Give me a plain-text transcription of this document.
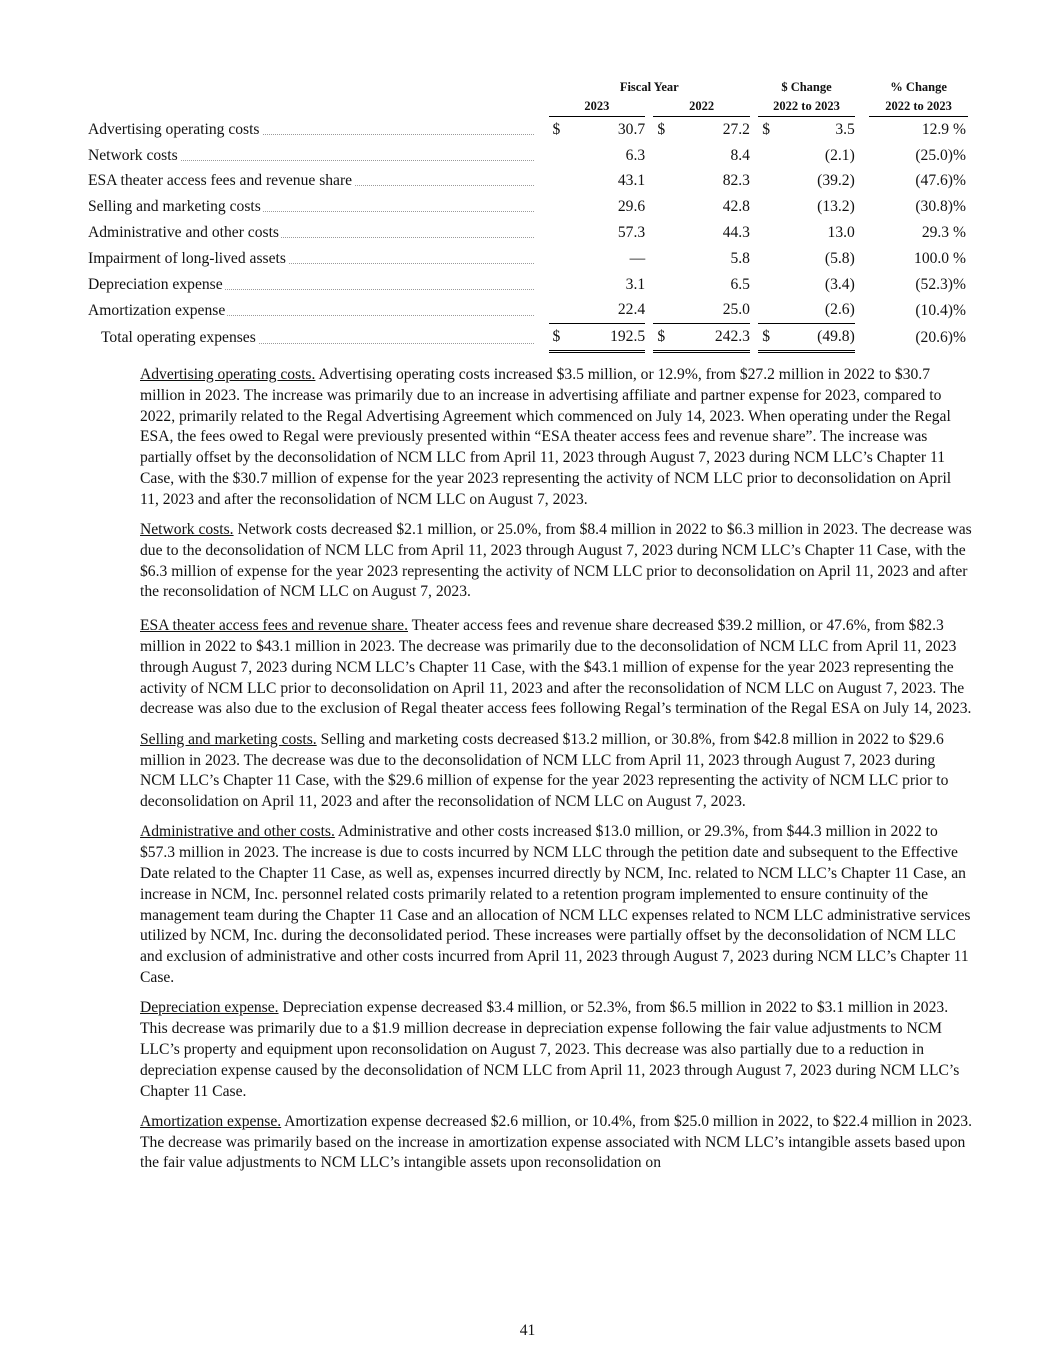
		Fiscal Year						$ Change			% Change
		2023			2022			2022 to 2023			2022 to 2023
Advertising operating costs		$	30.7		$	27.2		$	3.5		12.9 %
Network costs			6.3			8.4			(2.1)		(25.0)%
ESA theater access fees and revenue share			43.1			82.3			(39.2)		(47.6)%
Selling and marketing costs			29.6			42.8			(13.2)		(30.8)%
Administrative and other costs			57.3			44.3			13.0		29.3 %
Impairment of long-lived assets			—			5.8			(5.8)		100.0 %
Depreciation expense			3.1			6.5			(3.4)		(52.3)%
Amortization expense			22.4			25.0			(2.6)		(10.4)%
Total operating expenses		$	192.5		$	242.3		$	(49.8)		(20.6)%

Advertising operating costs. Advertising operating costs increased $3.5 million, or 12.9%, from $27.2 million in 2022 to $30.7 million in 2023. The increase was primarily due to an increase in advertising affiliate and partner expense for 2023, compared to 2022, primarily related to the Regal Advertising Agreement which commenced on July 14, 2023. When operating under the Regal ESA, the fees owed to Regal were previously presented within “ESA theater access fees and revenue share”. The increase was partially offset by the deconsolidation of NCM LLC from April 11, 2023 through August 7, 2023 during NCM LLC’s Chapter 11 Case, with the $30.7 million of expense for the year 2023 representing the activity of NCM LLC prior to deconsolidation on April 11, 2023 and after the reconsolidation of NCM LLC on August 7, 2023.

Network costs. Network costs decreased $2.1 million, or 25.0%, from $8.4 million in 2022 to $6.3 million in 2023. The decrease was due to the deconsolidation of NCM LLC from April 11, 2023 through August 7, 2023 during NCM LLC’s Chapter 11 Case, with the $6.3 million of expense for the year 2023 representing the activity of NCM LLC prior to deconsolidation on April 11, 2023 and after the reconsolidation of NCM LLC on August 7, 2023.

ESA theater access fees and revenue share. Theater access fees and revenue share decreased $39.2 million, or 47.6%, from $82.3 million in 2022 to $43.1 million in 2023. The decrease was primarily due to the deconsolidation of NCM LLC from April 11, 2023 through August 7, 2023 during NCM LLC’s Chapter 11 Case, with the $43.1 million of expense for the year 2023 representing the activity of NCM LLC prior to deconsolidation on April 11, 2023 and after the reconsolidation of NCM LLC on August 7, 2023. The decrease was also due to the exclusion of Regal theater access fees following Regal’s termination of the Regal ESA on July 14, 2023.

Selling and marketing costs. Selling and marketing costs decreased $13.2 million, or 30.8%, from $42.8 million in 2022 to $29.6 million in 2023. The decrease was due to the deconsolidation of NCM LLC from April 11, 2023 through August 7, 2023 during NCM LLC’s Chapter 11 Case, with the $29.6 million of expense for the year 2023 representing the activity of NCM LLC prior to deconsolidation on April 11, 2023 and after the reconsolidation of NCM LLC on August 7, 2023.

Administrative and other costs. Administrative and other costs increased $13.0 million, or 29.3%, from $44.3 million in 2022 to $57.3 million in 2023. The increase is due to costs incurred by NCM LLC through the petition date and subsequent to the Effective Date related to the Chapter 11 Case, as well as, expenses incurred directly by NCM, Inc. related to NCM LLC’s Chapter 11 Case, an increase in NCM, Inc. personnel related costs primarily related to a retention program implemented to ensure continuity of the management team during the Chapter 11 Case and an allocation of NCM LLC expenses related to NCM LLC administrative services utilized by NCM, Inc. during the deconsolidated period. These increases were partially offset by the deconsolidation of NCM LLC and exclusion of administrative and other costs incurred from April 11, 2023 through August 7, 2023 during NCM LLC’s Chapter 11 Case.

Depreciation expense. Depreciation expense decreased $3.4 million, or 52.3%, from $6.5 million in 2022 to $3.1 million in 2023. This decrease was primarily due to a $1.9 million decrease in depreciation expense following the fair value adjustments to NCM LLC’s property and equipment upon reconsolidation on August 7, 2023. This decrease was also partially due to a reduction in depreciation expense caused by the deconsolidation of NCM LLC from April 11, 2023 through August 7, 2023 during NCM LLC’s Chapter 11 Case.

Amortization expense. Amortization expense decreased $2.6 million, or 10.4%, from $25.0 million in 2022, to $22.4 million in 2023. The decrease was primarily based on the increase in amortization expense associated with NCM LLC’s intangible assets based upon the fair value adjustments to NCM LLC’s intangible assets upon reconsolidation on

41
